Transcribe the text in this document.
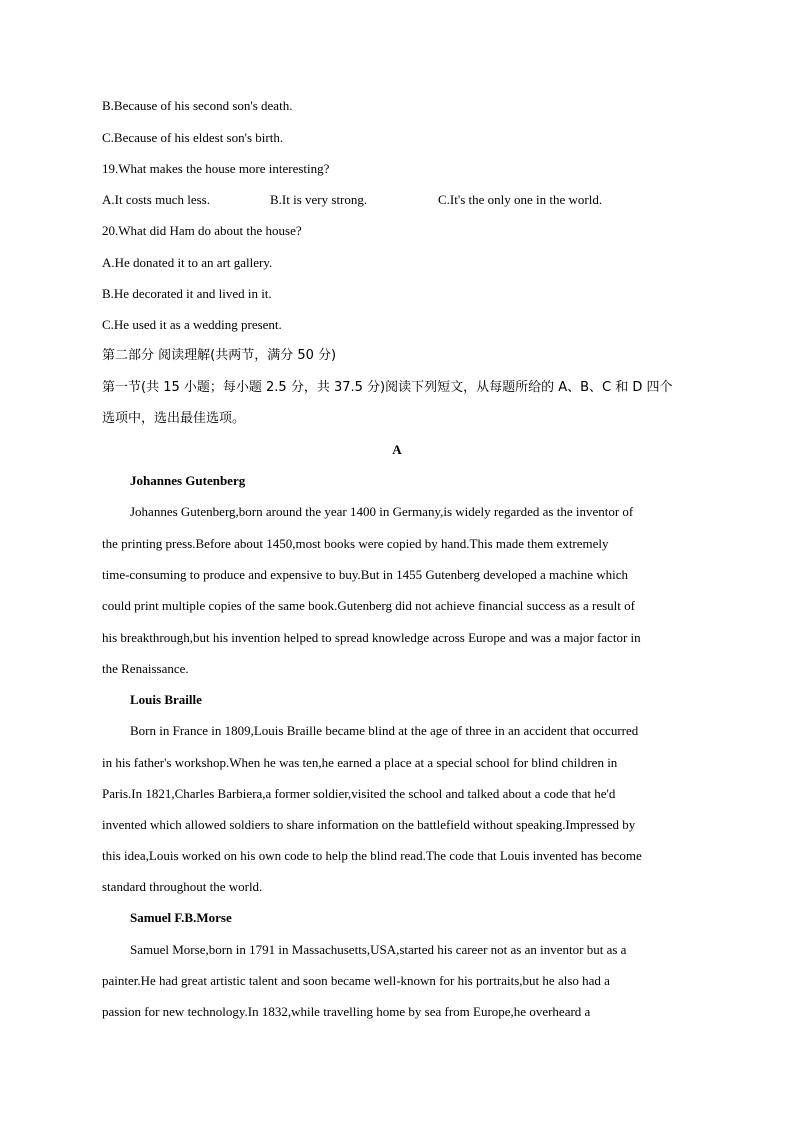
B.Because of his second son's death.
C.Because of his eldest son's birth.
19.What makes the house more interesting?
A.It costs much less.	B.It is very strong.	C.It's the only one in the world.
20.What did Ham do about the house?
A.He donated it to an art gallery.
B.He decorated it and lived in it.
C.He used it as a wedding present.
第二部分 阅读理解(共两节，满分 50 分)
第一节(共 15 小题；每小题 2.5 分，共 37.5 分)阅读下列短文，从每题所给的 A、B、C 和 D 四个
选项中，选出最佳选项。
A
Johannes Gutenberg
Johannes Gutenberg,born around the year 1400 in Germany,is widely regarded as the inventor of
the printing press.Before about 1450,most books were copied by hand.This made them extremely
time-consuming to produce and expensive to buy.But in 1455 Gutenberg developed a machine which
could print multiple copies of the same book.Gutenberg did not achieve financial success as a result of
his breakthrough,but his invention helped to spread knowledge across Europe and was a major factor in
the Renaissance.
Louis Braille
Born in France in 1809,Louis Braille became blind at the age of three in an accident that occurred
in his father's workshop.When he was ten,he earned a place at a special school for blind children in
Paris.In 1821,Charles Barbiera,a former soldier,visited the school and talked about a code that he'd
invented which allowed soldiers to share information on the battlefield without speaking.Impressed by
this idea,Louis worked on his own code to help the blind read.The code that Louis invented has become
standard throughout the world.
Samuel F.B.Morse
Samuel Morse,born in 1791 in Massachusetts,USA,started his career not as an inventor but as a
painter.He had great artistic talent and soon became well-known for his portraits,but he also had a
passion for new technology.In 1832,while travelling home by sea from Europe,he overheard a
